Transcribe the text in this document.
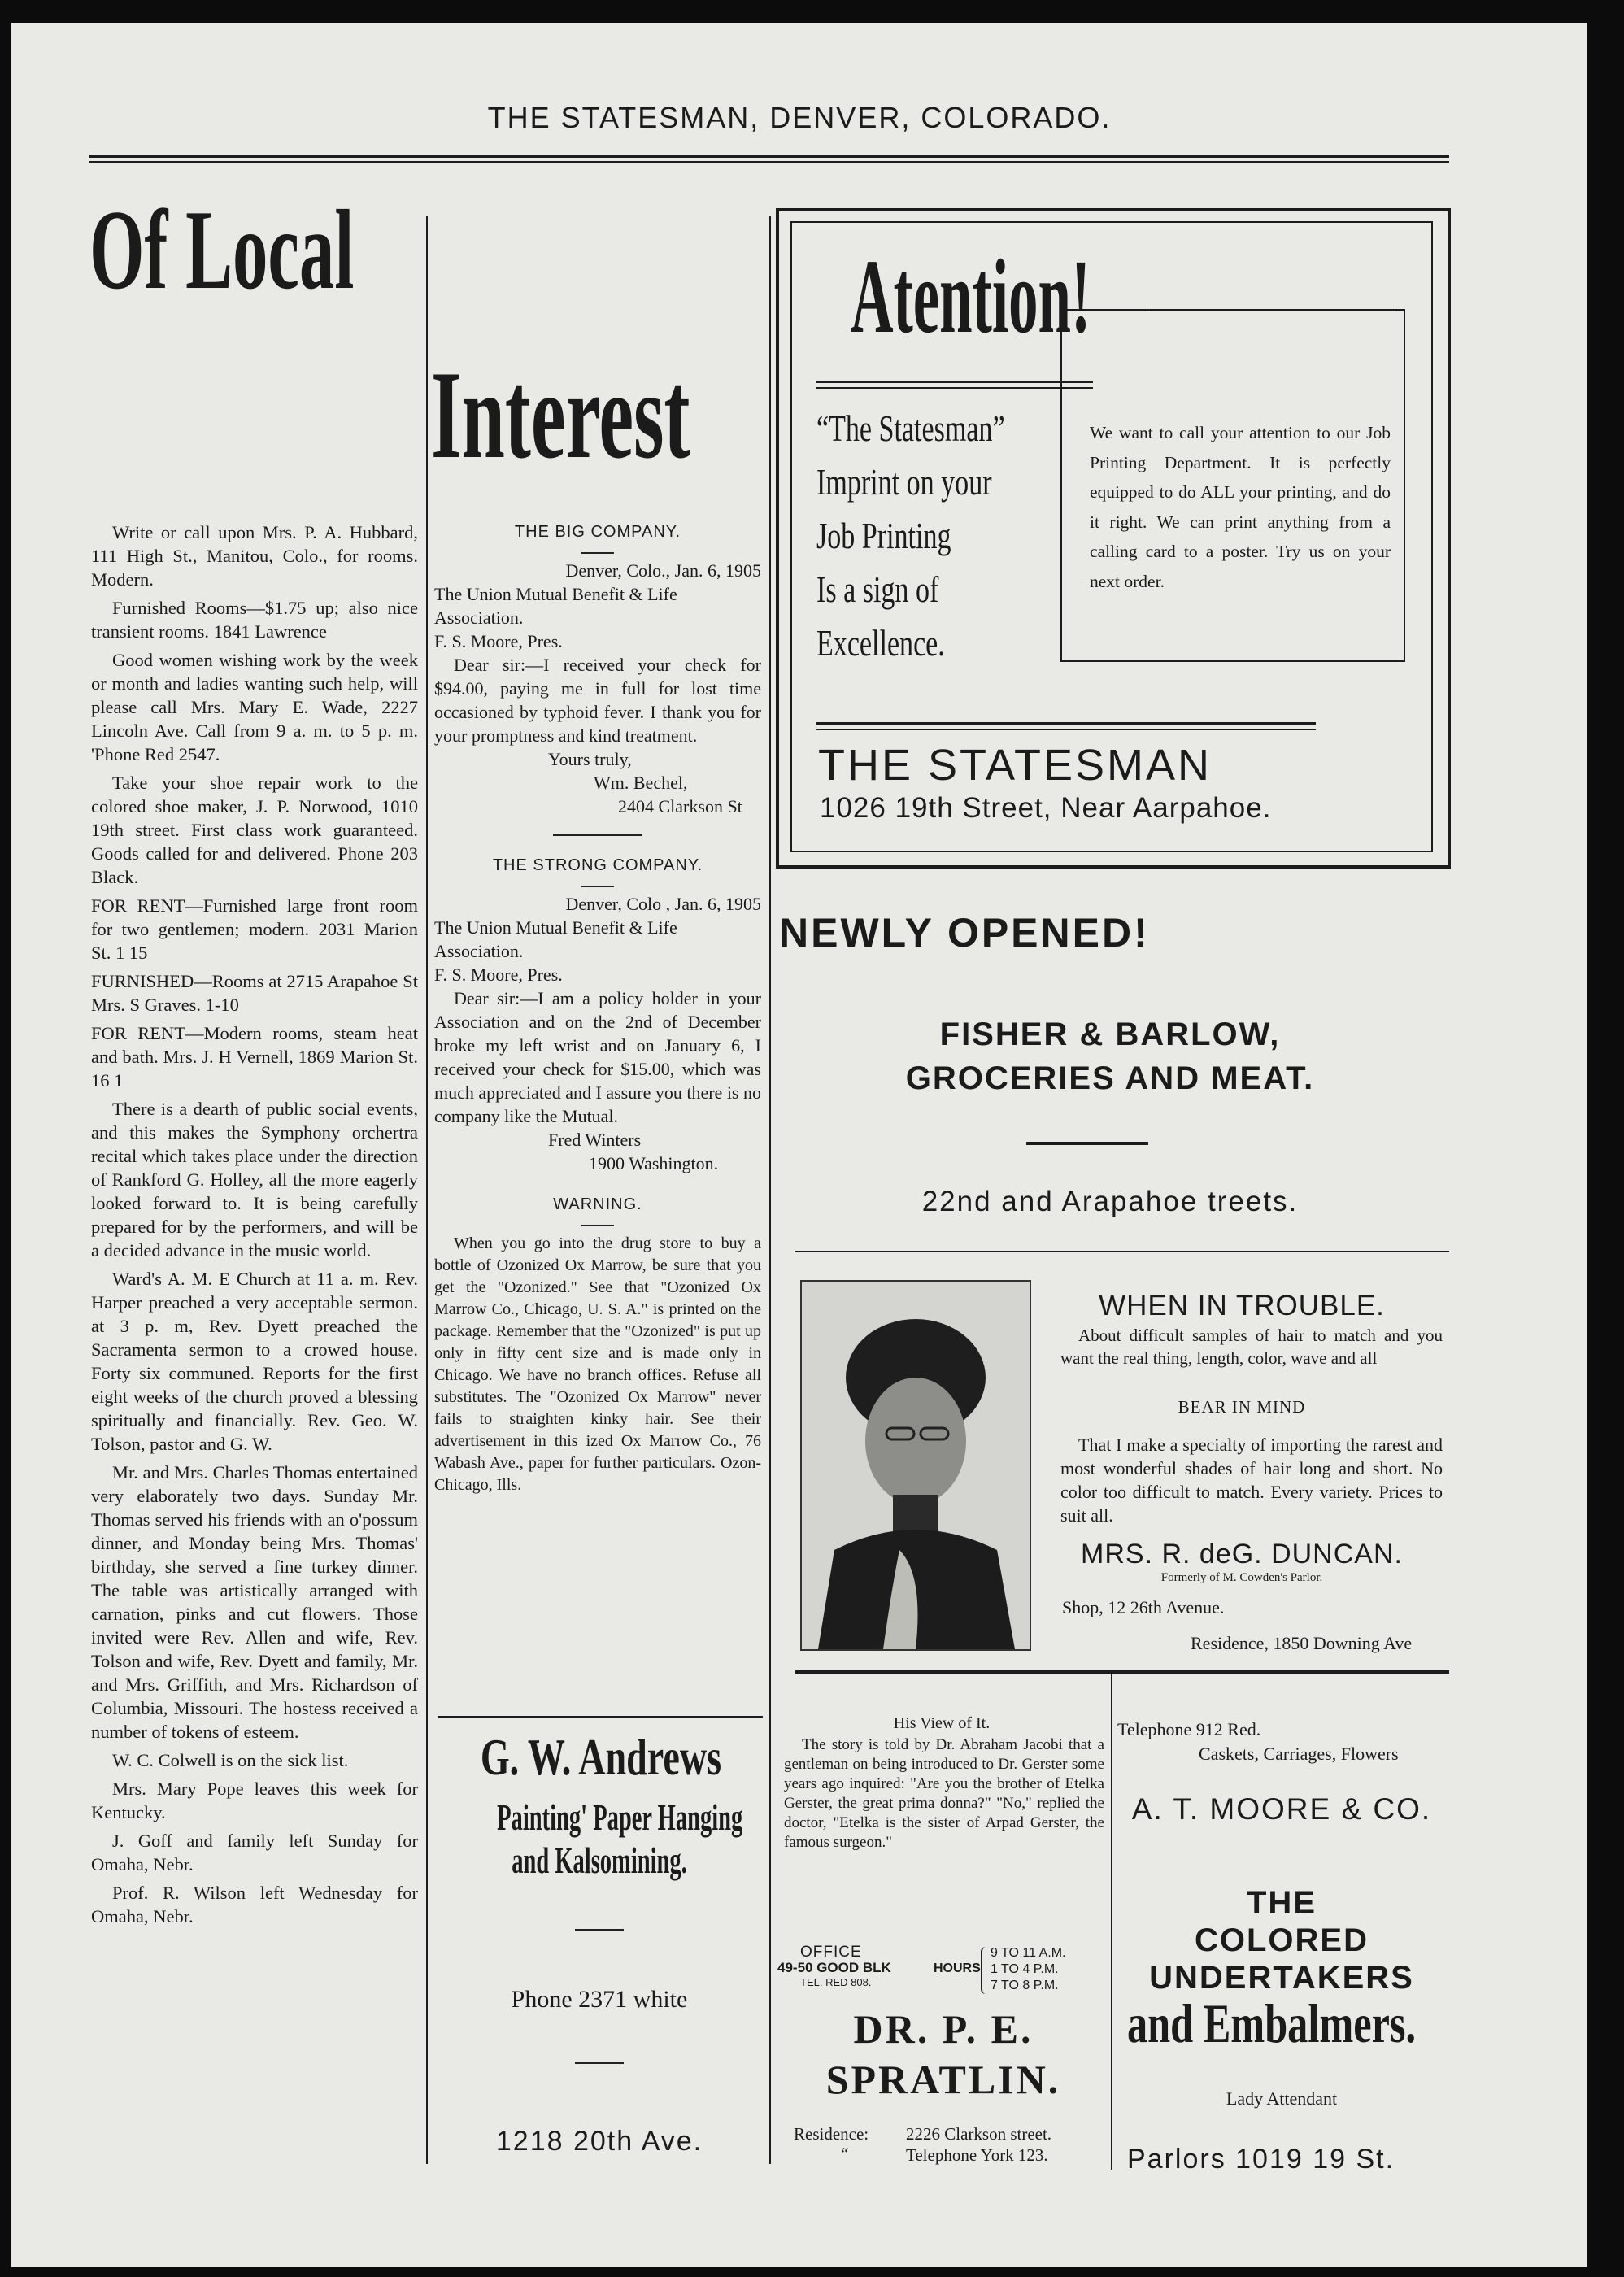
THE STATESMAN, DENVER, COLORADO.
Of Local
Interest

Write or call upon Mrs. P. A. Hubbard, 111 High St., Manitou, Colo., for rooms. Modern.

Furnished Rooms—$1.75 up; also nice transient rooms. 1841 Lawrence

Good women wishing work by the week or month and ladies wanting such help, will please call Mrs. Mary E. Wade, 2227 Lincoln Ave. Call from 9 a. m. to 5 p. m. 'Phone Red 2547.

Take your shoe repair work to the colored shoe maker, J. P. Norwood, 1010 19th street. First class work guaranteed. Goods called for and delivered. Phone 203 Black.

FOR RENT—Furnished large front room for two gentlemen; modern. 2031 Marion St. 1 15

FURNISHED—Rooms at 2715 Arapahoe St Mrs. S Graves. 1-10

FOR RENT—Modern rooms, steam heat and bath. Mrs. J. H Vernell, 1869 Marion St. 16 1

There is a dearth of public social events, and this makes the Symphony orchertra recital which takes place under the direction of Rankford G. Holley, all the more eagerly looked forward to. It is being carefully prepared for by the performers, and will be a decided advance in the music world.

Ward's A. M. E Church at 11 a. m. Rev. Harper preached a very acceptable sermon. at 3 p. m, Rev. Dyett preached the Sacramenta sermon to a crowed house. Forty six communed. Reports for the first eight weeks of the church proved a blessing spiritually and financially. Rev. Geo. W. Tolson, pastor and G. W.

Mr. and Mrs. Charles Thomas entertained very elaborately two days. Sunday Mr. Thomas served his friends with an o'possum dinner, and Monday being Mrs. Thomas' birthday, she served a fine turkey dinner. The table was artistically arranged with carnation, pinks and cut flowers. Those invited were Rev. Allen and wife, Rev. Tolson and wife, Rev. Dyett and family, Mr. and Mrs. Griffith, and Mrs. Richardson of Columbia, Missouri. The hostess received a number of tokens of esteem.

W. C. Colwell is on the sick list.

Mrs. Mary Pope leaves this week for Kentucky.

J. Goff and family left Sunday for Omaha, Nebr.

Prof. R. Wilson left Wednesday for Omaha, Nebr.

THE BIG COMPANY.
Denver, Colo., Jan. 6, 1905
The Union Mutual Benefit & Life Association.
F. S. Moore, Pres.
Dear sir:—I received your check for $94.00, paying me in full for lost time occasioned by typhoid fever. I thank you for your promptness and kind treatment.
Yours truly,
Wm. Bechel,
2404 Clarkson St
THE STRONG COMPANY.
Denver, Colo , Jan. 6, 1905
The Union Mutual Benefit & Life Association.
F. S. Moore, Pres.
Dear sir:—I am a policy holder in your Association and on the 2nd of December broke my left wrist and on January 6, I received your check for $15.00, which was much appreciated and I assure you there is no company like the Mutual.
Fred Winters
1900 Washington.
WARNING.
When you go into the drug store to buy a bottle of Ozonized Ox Marrow, be sure that you get the "Ozonized." See that "Ozonized Ox Marrow Co., Chicago, U. S. A." is printed on the package. Remember that the "Ozonized" is put up only in fifty cent size and is made only in Chicago. We have no branch offices. Refuse all substitutes. The "Ozonized Ox Marrow" never fails to straighten kinky hair. See their advertisement in this ized Ox Marrow Co., 76 Wabash Ave., paper for further particulars. Ozon-Chicago, Ills.
G. W. Andrews
Painting' Paper Hanging
and Kalsomining.
Phone 2371 white
1218 20th Ave.
Atention!
“The Statesman”
Imprint on your
Job Printing
Is a sign of
Excellence.
We want to call your attention to our Job Printing Department. It is perfectly equipped to do ALL your printing, and do it right. We can print anything from a calling card to a poster. Try us on your next order.
THE STATESMAN
1026 19th Street, Near Aarpahoe.
NEWLY OPENED!
FISHER & BARLOW,
GROCERIES AND MEAT.
22nd and Arapahoe treets.
WHEN IN TROUBLE.
About difficult samples of hair to match and you want the real thing, length, color, wave and all
BEAR IN MIND
That I make a specialty of importing the rarest and most wonderful shades of hair long and short. No color too difficult to match. Every variety. Prices to suit all.
MRS. R. deG. DUNCAN.
Formerly of M. Cowden's Parlor.
Shop, 12 26th Avenue.
Residence, 1850 Downing Ave
His View of It.
The story is told by Dr. Abraham Jacobi that a gentleman on being introduced to Dr. Gerster some years ago inquired: "Are you the brother of Etelka Gerster, the great prima donna?" "No," replied the doctor, "Etelka is the sister of Arpad Gerster, the famous surgeon."
OFFICE
49-50 GOOD BLK
TEL. RED 808.
HOURS
9 TO 11 A.M.
1 TO 4 P.M.
7 TO 8 P.M.
DR. P. E.
SPRATLIN.
Residence: 2226 Clarkson street.
“	Telephone York 123.
Telephone 912 Red.
Caskets, Carriages, Flowers
A. T. MOORE & CO.
THE
COLORED
UNDERTAKERS
and Embalmers.
Lady Attendant
Parlors 1019 19 St.
